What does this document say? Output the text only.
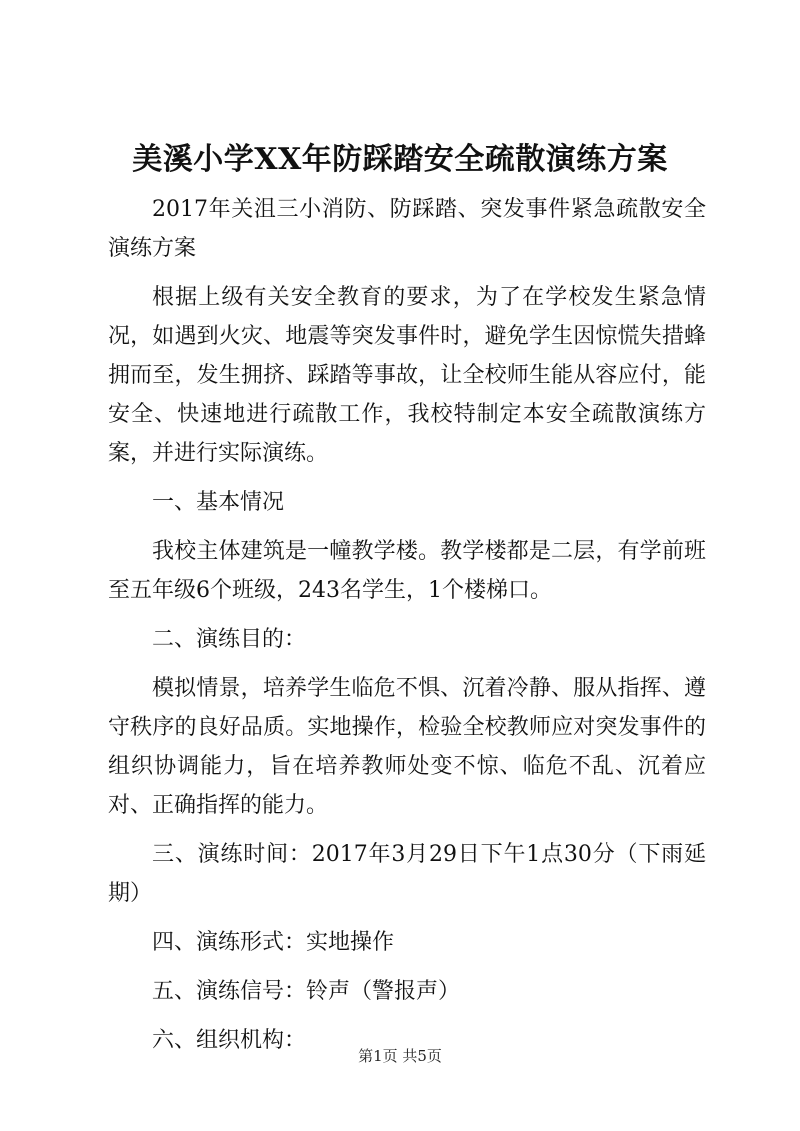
美溪小学XX年防踩踏安全疏散演练方案

2017年关沮三小消防、防踩踏、突发事件紧急疏散安全演练方案

根据上级有关安全教育的要求，为了在学校发生紧急情况，如遇到火灾、地震等突发事件时，避免学生因惊慌失措蜂拥而至，发生拥挤、踩踏等事故，让全校师生能从容应付，能安全、快速地进行疏散工作，我校特制定本安全疏散演练方案，并进行实际演练。

一、基本情况

我校主体建筑是一幢教学楼。教学楼都是二层，有学前班至五年级6个班级，243名学生，1个楼梯口。

二、演练目的：

模拟情景，培养学生临危不惧、沉着冷静、服从指挥、遵守秩序的良好品质。实地操作，检验全校教师应对突发事件的组织协调能力，旨在培养教师处变不惊、临危不乱、沉着应对、正确指挥的能力。

三、演练时间：2017年3月29日下午1点30分（下雨延期）

四、演练形式：实地操作

五、演练信号：铃声（警报声）

六、组织机构：

第1页 共5页
